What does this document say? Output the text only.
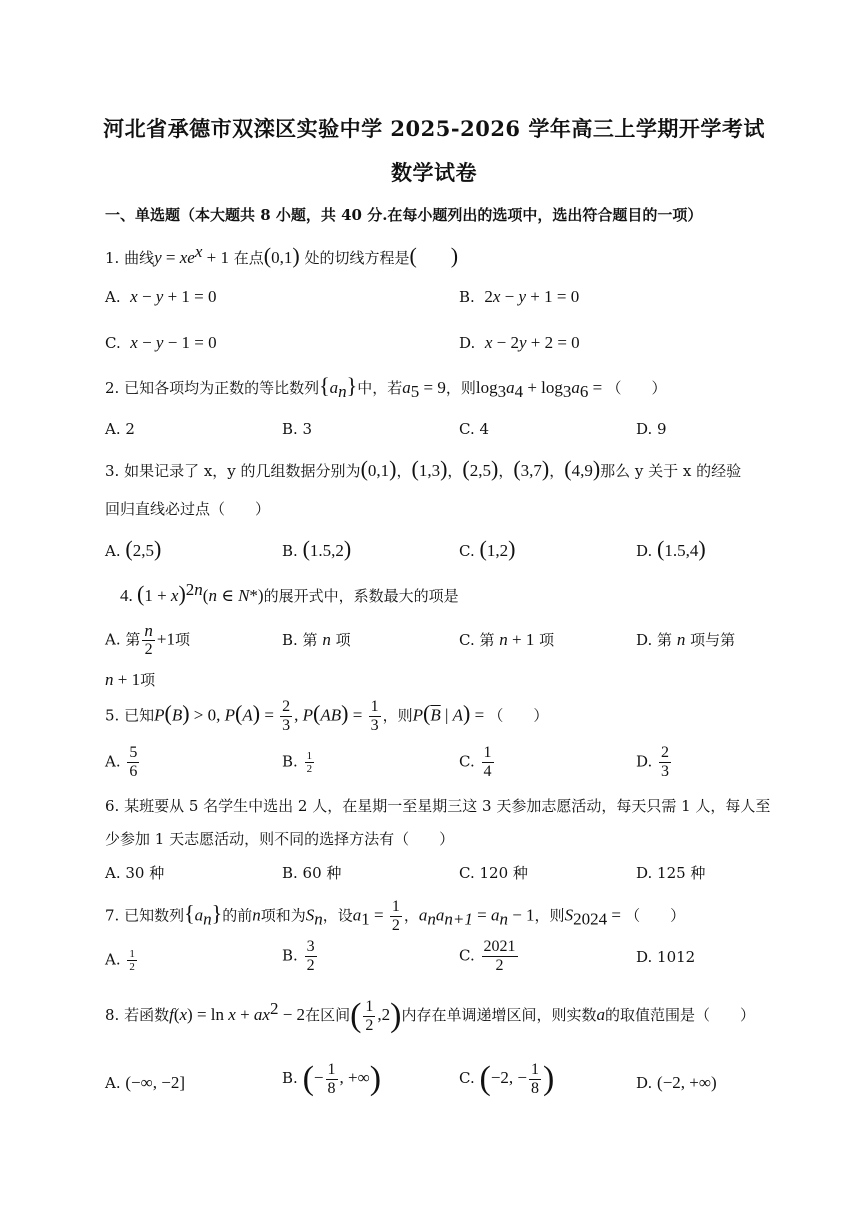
河北省承德市双滦区实验中学 2025-2026 学年高三上学期开学考试
数学试卷
一、单选题（本大题共 8 小题，共 40 分.在每小题列出的选项中，选出符合题目的一项）
1. 曲线$y = xe^x + 1$ 在点(0,1) 处的切线方程是( )
A. x − y + 1 = 0	B. 2x − y + 1 = 0
C. x − y − 1 = 0	D. x − 2y + 2 = 0
2. 已知各项均为正数的等比数列$\{a_n\}$中，若$a_5 = 9$，则$\log_3a_4 + \log_3a_6$ = （　　）
A. 2	B. 3	C. 4	D. 9
3. 如果记录了 x，y 的几组数据分别为(0,1)，(1,3)，(2,5)，(3,7)，(4,9)那么 y 关于 x 的经验
回归直线必过点（　　）
A. (2,5)	B. (1.5,2)	C. (1,2)	D. (1.5,4)
4. $(1 + x)^{2n}(n$ ∈ N*)的展开式中，系数最大的项是
A. 第 $\frac{n}{2} +1$项	B. 第 n 项	C. 第 n + 1 项	D. 第 n 项与第
n + 1项
5. 已知P(B) > 0, $P(A) = \frac{2}{3}$ , $P(AB) = \frac{1}{3}$ ，则$P(\overline{B}$ | A) = （　　）
A. $\frac{5}{6}$	B. $\frac{1}{2}$	C. $\frac{1}{4}$	D. $\frac{2}{3}$
6. 某班要从 5 名学生中选出 2 人，在星期一至星期三这 3 天参加志愿活动，每天只需 1 人，每人至
少参加 1 天志愿活动，则不同的选择方法有（　　）
A. 30 种	B. 60 种	C. 120 种	D. 125 种
7. 已知数列$\{a_n\}$的前n项和为$S_n$，设$a_1 = \frac{1}{2}$ ，$a_na_{n+1} = a_n - 1$，则$S_{2024}$ = （　　）
A. $\frac{1}{2}$	B. $\frac{3}{2}$	C. $\frac{2021}{2}$	D. 1012
8. 若函数$f(x) = \ln x + ax^2 - 2$在区间( $\frac{1}{2} ,2$)内存在单调递增区间，则实数a的取值范围是（　　）
A. (−∞, −2]	B. (− $\frac{1}{8}$ , +∞)	C. (−2, − $\frac{1}{8}$ )	D. (−2, +∞)
